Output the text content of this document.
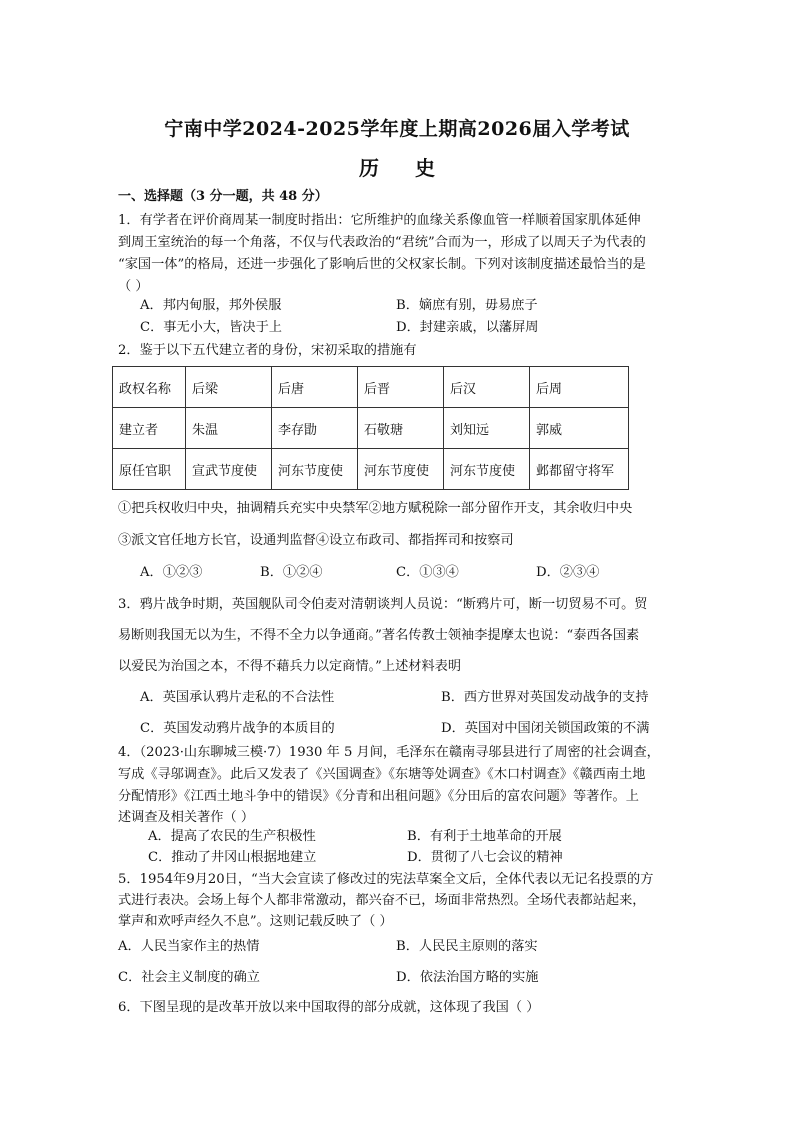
宁南中学2024-2025学年度上期高2026届入学考试
历 史
一、选择题（3 分一题，共 48 分）
1．有学者在评价商周某一制度时指出：它所维护的血缘关系像血管一样顺着国家肌体延伸
到周王室统治的每一个角落，不仅与代表政治的“君统”合而为一，形成了以周天子为代表的
“家国一体”的格局，还进一步强化了影响后世的父权家长制。下列对该制度描述最恰当的是
（ ）
A．邦内甸服，邦外侯服	B．嫡庶有别，毋易庶子
C．事无小大，皆决于上	D．封建亲戚，以藩屏周
2．鉴于以下五代建立者的身份，宋初采取的措施有
政权名称	后梁	后唐	后晋	后汉	后周
建立者	朱温	李存勖	石敬瑭	刘知远	郭威
原任官职	宣武节度使	河东节度使	河东节度使	河东节度使	邺都留守将军
①把兵权收归中央，抽调精兵充实中央禁军②地方赋税除一部分留作开支，其余收归中央
③派文官任地方长官，设通判监督④设立布政司、都指挥司和按察司
A．①②③	B．①②④	C．①③④	D．②③④
3．鸦片战争时期，英国舰队司令伯麦对清朝谈判人员说：“断鸦片可，断一切贸易不可。贸
易断则我国无以为生，不得不全力以争通商。”著名传教士领袖李提摩太也说：“泰西各国素
以爱民为治国之本，不得不藉兵力以定商情。”上述材料表明
A．英国承认鸦片走私的不合法性	B．西方世界对英国发动战争的支持
C．英国发动鸦片战争的本质目的	D．英国对中国闭关锁国政策的不满
4．（2023·山东聊城三模·7）1930 年 5 月间，毛泽东在赣南寻邬县进行了周密的社会调查，
写成《寻邬调查》。此后又发表了《兴国调查》《东塘等处调查》《木口村调查》《赣西南土地
分配情形》《江西土地斗争中的错误》《分青和出租问题》《分田后的富农问题》等著作。上
述调查及相关著作（ ）
A．提高了农民的生产积极性	B．有利于土地革命的开展
C．推动了井冈山根据地建立	D．贯彻了八七会议的精神
5．1954年9月20日，“当大会宣读了修改过的宪法草案全文后，全体代表以无记名投票的方
式进行表决。会场上每个人都非常激动，都兴奋不已，场面非常热烈。全场代表都站起来，
掌声和欢呼声经久不息”。这则记载反映了（ ）
A．人民当家作主的热情	B．人民民主原则的落实
C．社会主义制度的确立	D．依法治国方略的实施
6．下图呈现的是改革开放以来中国取得的部分成就，这体现了我国（ ）
